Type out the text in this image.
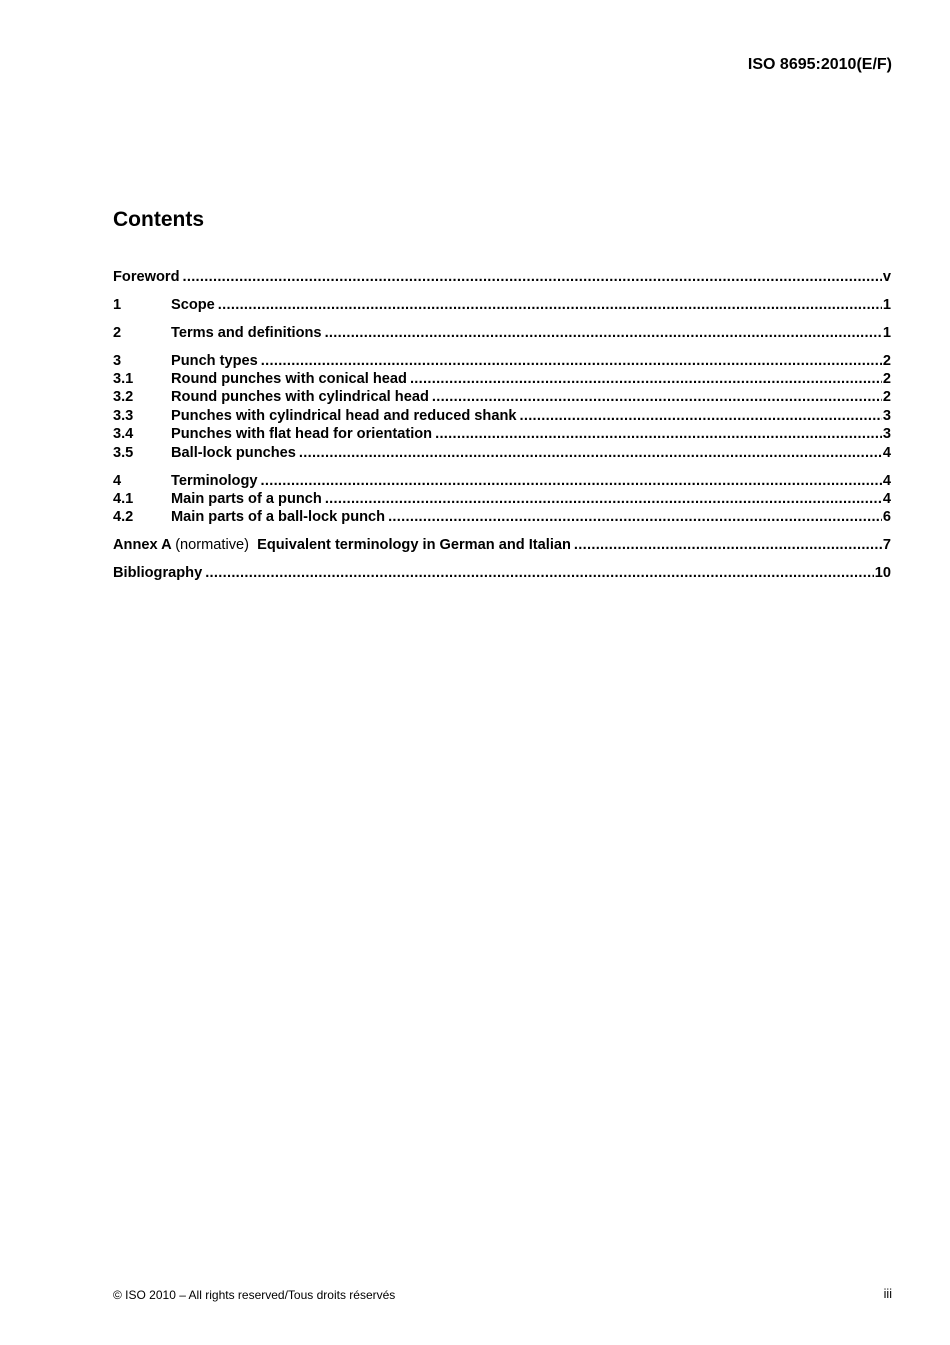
ISO 8695:2010(E/F)
Contents
Foreword .....	v
1	Scope .....	1
2	Terms and definitions .....	1
3	Punch types .....	2
3.1	Round punches with conical head .....	2
3.2	Round punches with cylindrical head .....	2
3.3	Punches with cylindrical head and reduced shank .....	3
3.4	Punches with flat head for orientation .....	3
3.5	Ball-lock punches .....	4
4	Terminology .....	4
4.1	Main parts of a punch .....	4
4.2	Main parts of a ball-lock punch .....	6
Annex A (normative) Equivalent terminology in German and Italian .....	7
Bibliography .....	10
© ISO 2010 – All rights reserved/Tous droits réservés	iii
